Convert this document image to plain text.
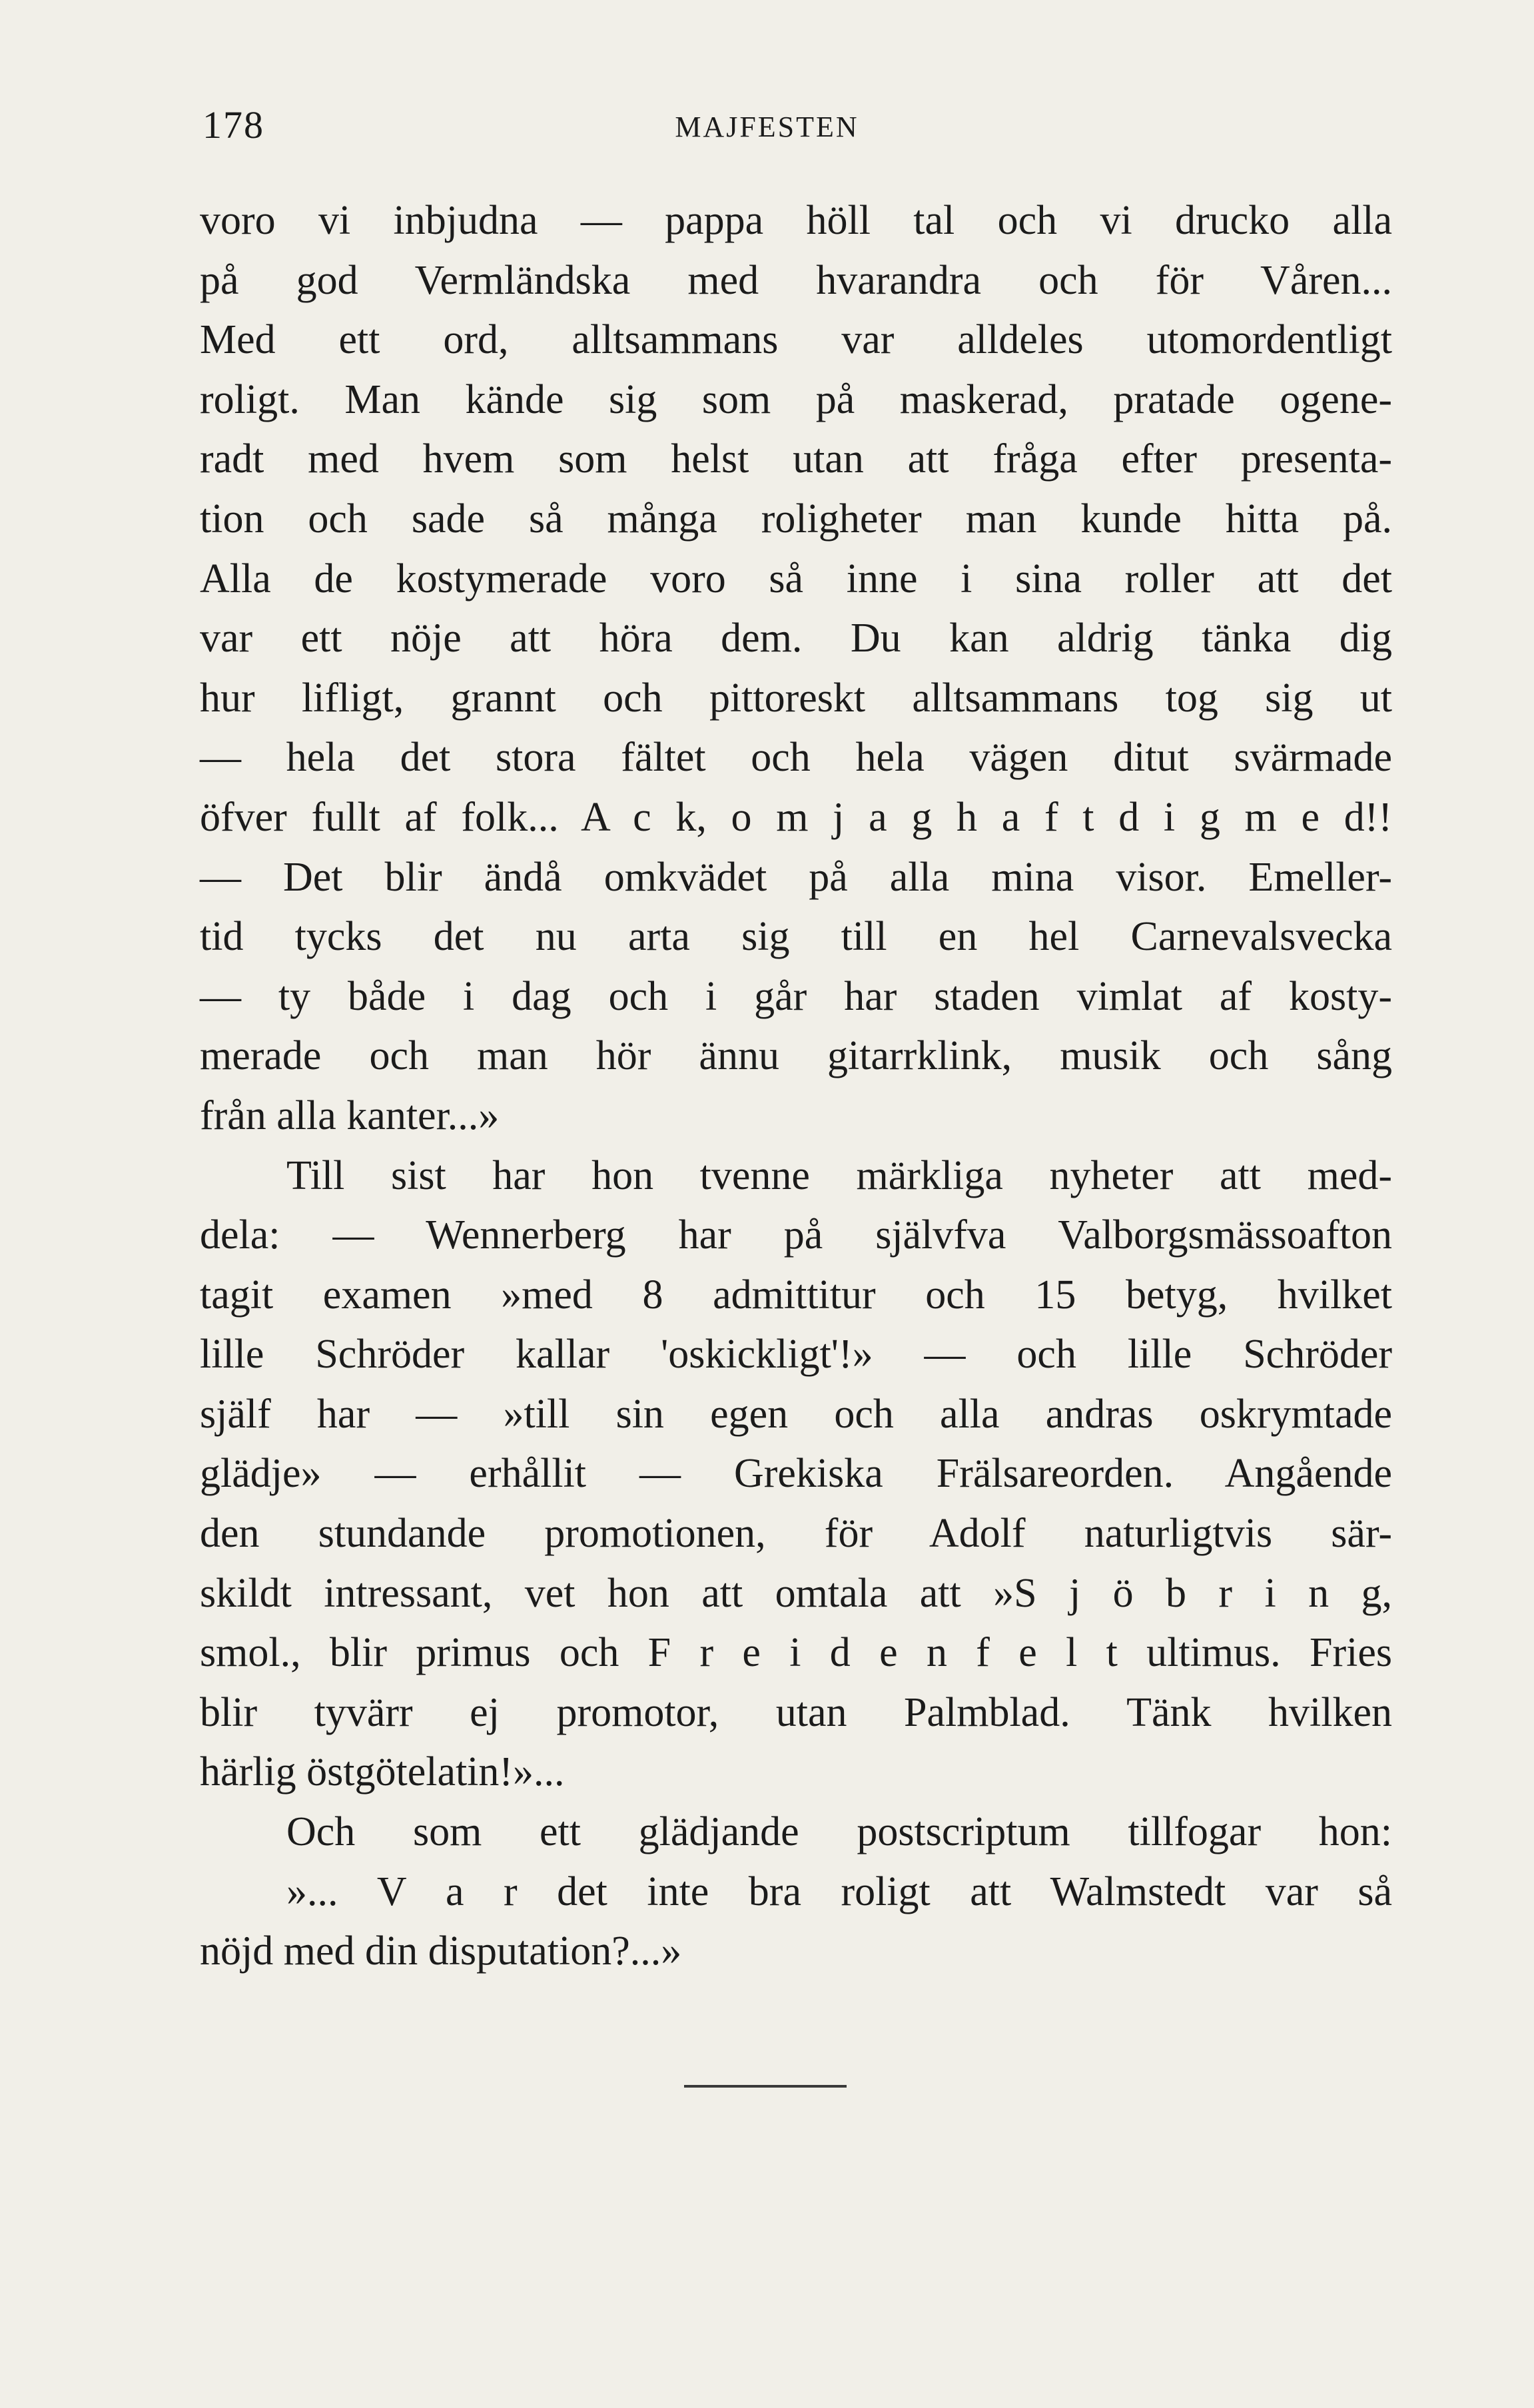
178	MAJFESTEN
voro vi inbjudna — pappa höll tal och vi drucko alla
på god Vermländska med hvarandra och för Våren...
Med ett ord, alltsammans var alldeles utomordentligt
roligt. Man kände sig som på maskerad, pratade ogene-
radt med hvem som helst utan att fråga efter presenta-
tion och sade så många roligheter man kunde hitta på.
Alla de kostymerade voro så inne i sina roller att det
var ett nöje att höra dem. Du kan aldrig tänka dig
hur lifligt, grannt och pittoreskt alltsammans tog sig ut
— hela det stora fältet och hela vägen ditut svärmade
öfver fullt af folk... A c k, o m j a g h a f t d i g m e d!!
— Det blir ändå omkvädet på alla mina visor. Emeller-
tid tycks det nu arta sig till en hel Carnevalsvecka
— ty både i dag och i går har staden vimlat af kosty-
merade och man hör ännu gitarrklink, musik och sång
från alla kanter...»
Till sist har hon tvenne märkliga nyheter att med-
dela: — Wennerberg har på självfva Valborgsmässoafton
tagit examen »med 8 admittitur och 15 betyg, hvilket
lille Schröder kallar 'oskickligt'!» — och lille Schröder
själf har — »till sin egen och alla andras oskrymtade
glädje» — erhållit — Grekiska Frälsareorden. Angående
den stundande promotionen, för Adolf naturligtvis sär-
skildt intressant, vet hon att omtala att »S j ö b r i n g,
smol., blir primus och F r e i d e n f e l t ultimus. Fries
blir tyvärr ej promotor, utan Palmblad. Tänk hvilken
härlig östgötelatin!»...
Och som ett glädjande postscriptum tillfogar hon:
»... V a r det inte bra roligt att Walmstedt var så
nöjd med din disputation?...»
